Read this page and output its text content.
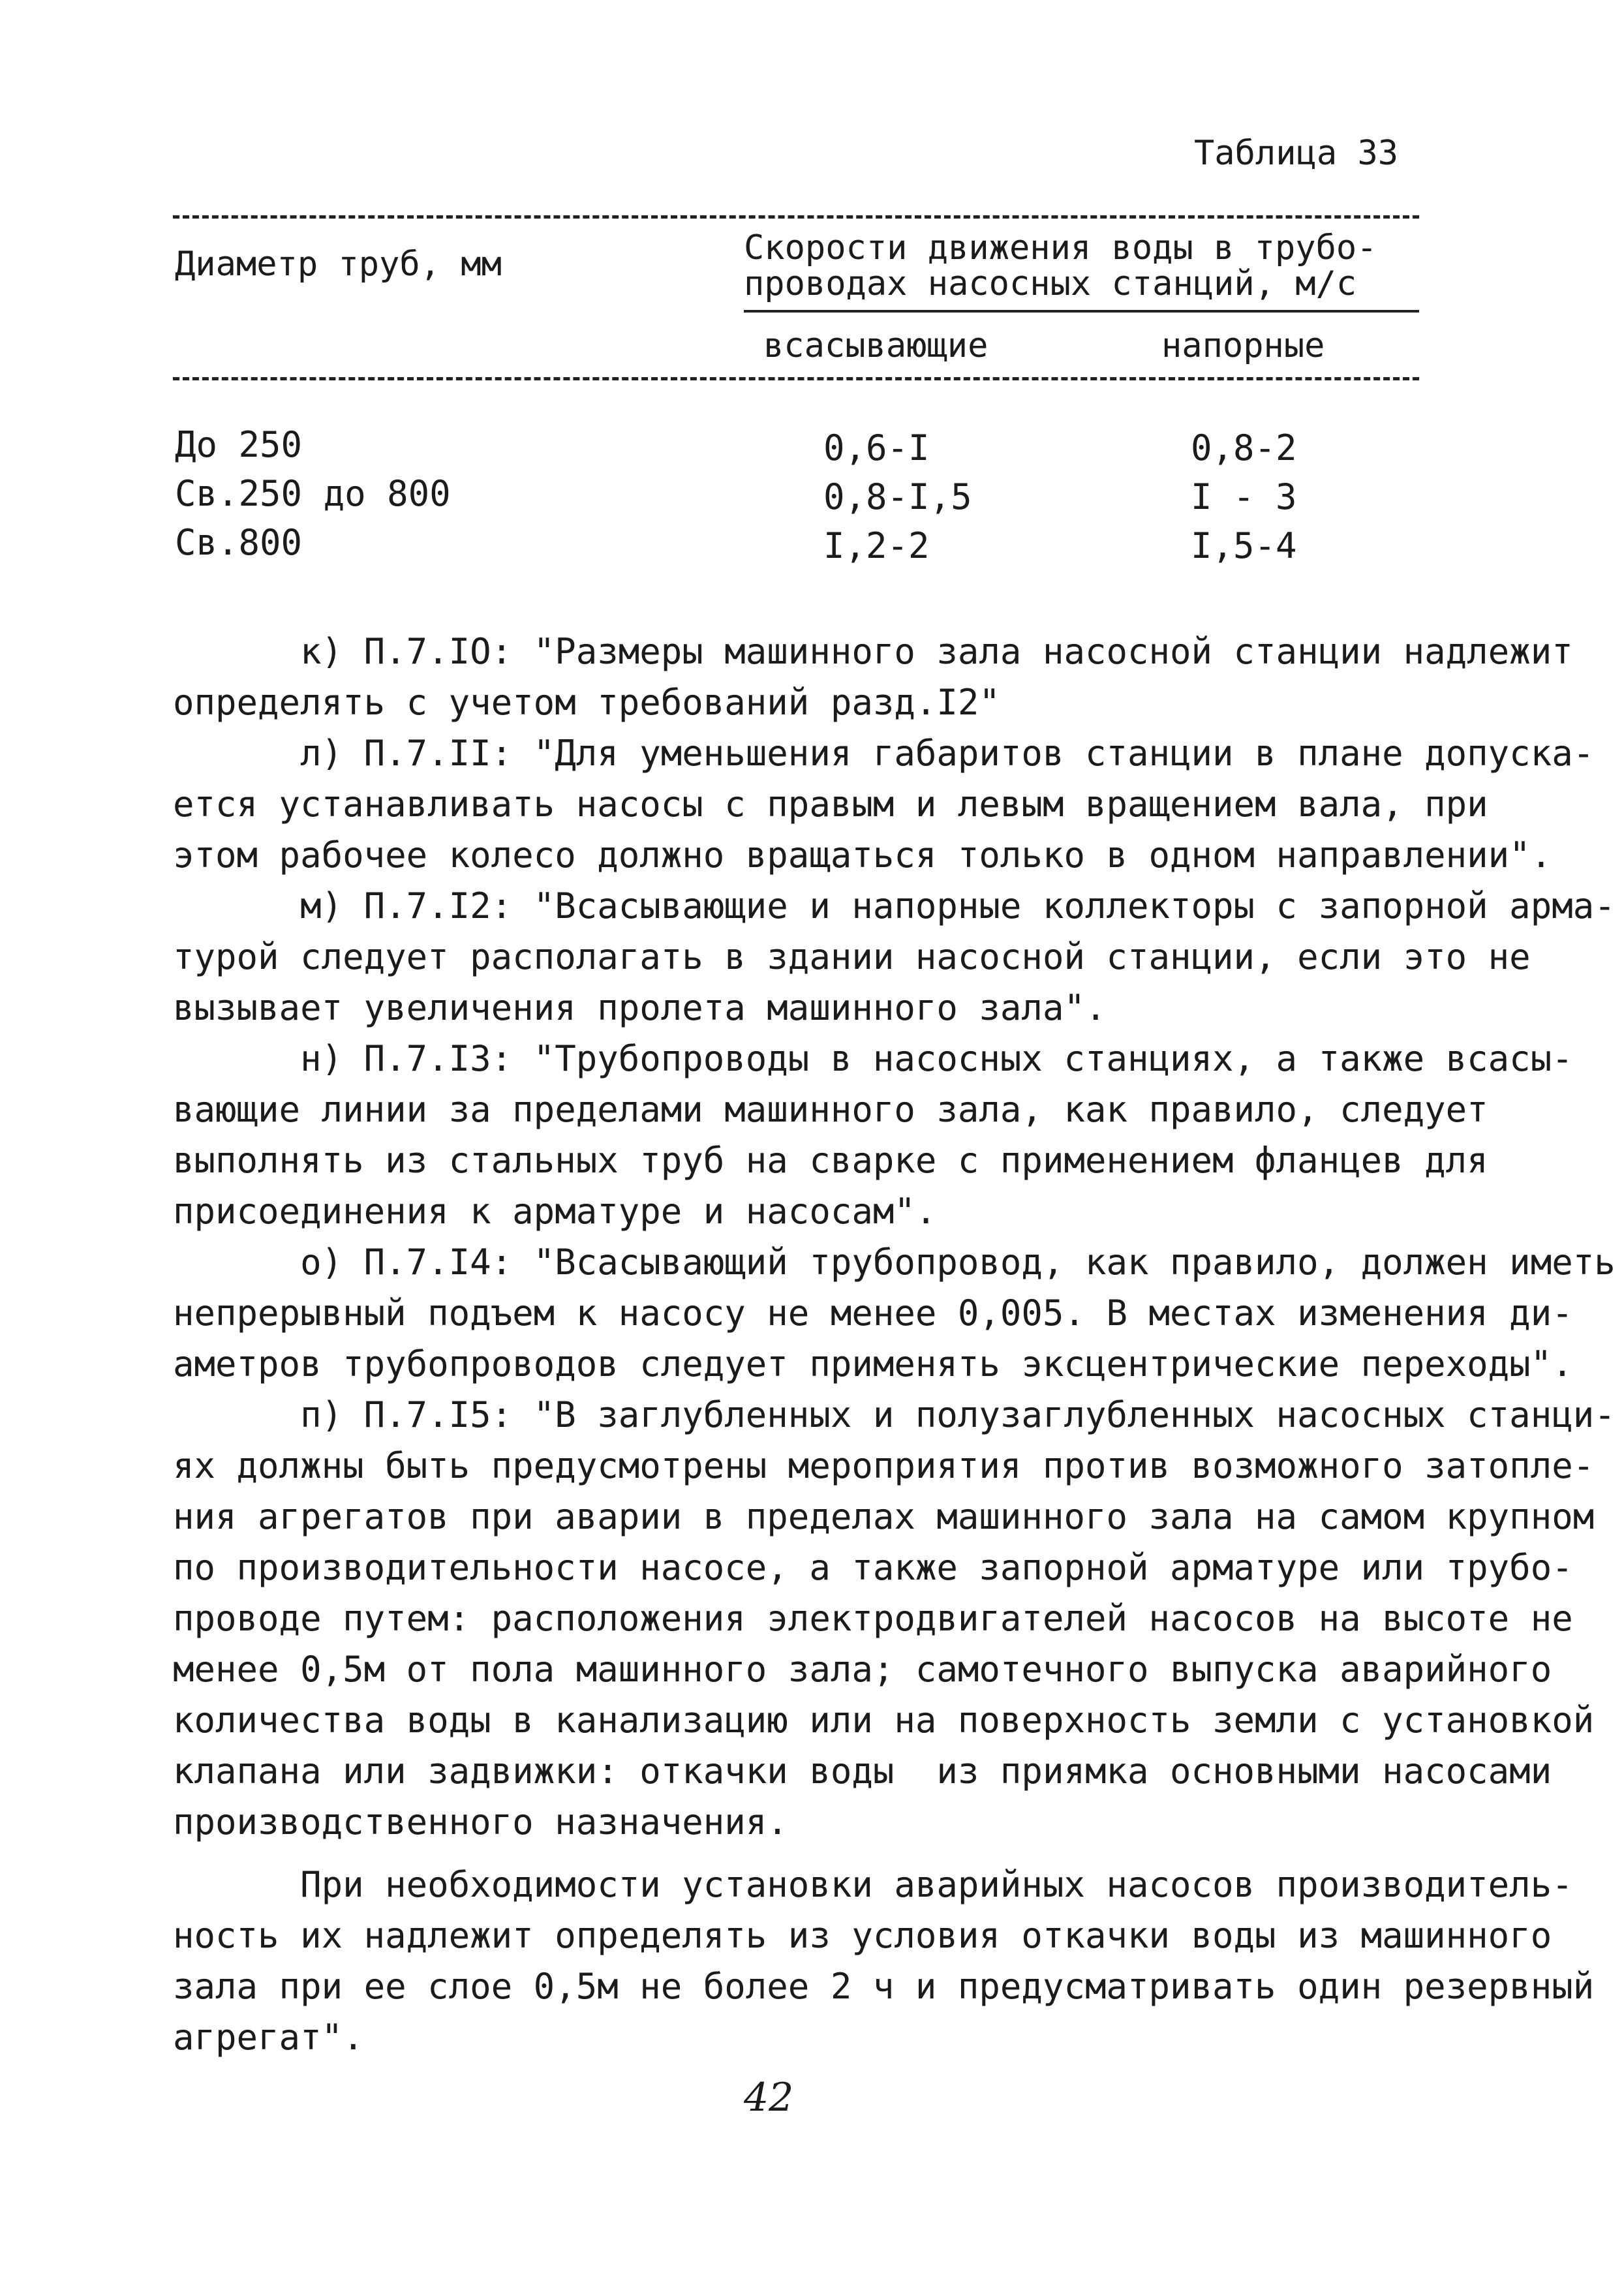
Таблица 33
Диаметр труб, мм	Скорости движения воды в трубо-
проводах насосных станций, м/с
всасывающие	напорные
До 250	0,6-I	0,8-2
Св.250 до 800	0,8-I,5	I - 3
Св.800	I,2-2	I,5-4
к) П.7.IO: "Размеры машинного зала насосной станции надлежит
определять с учетом требований разд.I2"
л) П.7.II: "Для уменьшения габаритов станции в плане допуска-
ется устанавливать насосы с правым и левым вращением вала, при
этом рабочее колесо должно вращаться только в одном направлении".
м) П.7.I2: "Всасывающие и напорные коллекторы с запорной арма-
турой следует располагать в здании насосной станции, если это не
вызывает увеличения пролета машинного зала".
н) П.7.I3: "Трубопроводы в насосных станциях, а также всасы-
вающие линии за пределами машинного зала, как правило, следует
выполнять из стальных труб на сварке с применением фланцев для
присоединения к арматуре и насосам".
о) П.7.I4: "Всасывающий трубопровод, как правило, должен иметь
непрерывный подъем к насосу не менее 0,005. В местах изменения ди-
аметров трубопроводов следует применять эксцентрические переходы".
п) П.7.I5: "В заглубленных и полузаглубленных насосных станци-
ях должны быть предусмотрены мероприятия против возможного затопле-
ния агрегатов при аварии в пределах машинного зала на самом крупном
по производительности насосе, а также запорной арматуре или трубо-
проводе путем: расположения электродвигателей насосов на высоте не
менее 0,5м от пола машинного зала; самотечного выпуска аварийного
количества воды в канализацию или на поверхность земли с установкой
клапана или задвижки: откачки воды  из приямка основными насосами
производственного назначения.
При необходимости установки аварийных насосов производитель-
ность их надлежит определять из условия откачки воды из машинного
зала при ее слое 0,5м не более 2 ч и предусматривать один резервный
агрегат".
42
